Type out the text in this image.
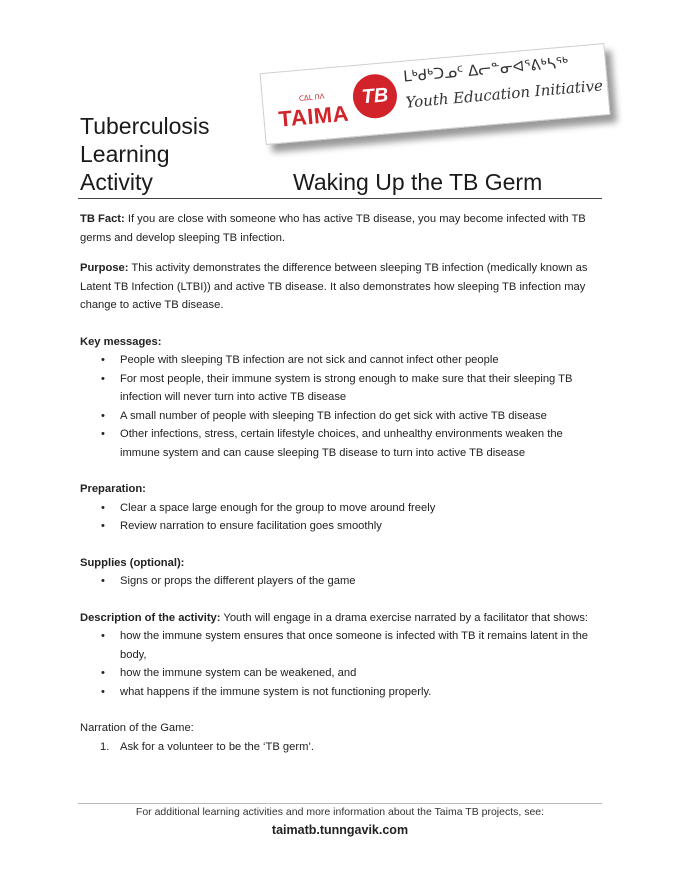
Tuberculosis
Learning
Activity	Waking Up the TB Germ
ᑕᐃᒪ ᑎᐱ
TAIMA
TB
ᒪᒃᑯᒃᑐᓄᑦ ᐃᓕᓐᓂᐊᕐᕕᒃᓴᖅ
Youth Education Initiative

TB Fact: If you are close with someone who has active TB disease, you may become infected with TB germs and develop sleeping TB infection.

Purpose: This activity demonstrates the difference between sleeping TB infection (medically known as Latent TB Infection (LTBI)) and active TB disease. It also demonstrates how sleeping TB infection may change to active TB disease.

Key messages:

• People with sleeping TB infection are not sick and cannot infect other people
• For most people, their immune system is strong enough to make sure that their sleeping TB infection will never turn into active TB disease
• A small number of people with sleeping TB infection do get sick with active TB disease
• Other infections, stress, certain lifestyle choices, and unhealthy environments weaken the immune system and can cause sleeping TB disease to turn into active TB disease

Preparation:

• Clear a space large enough for the group to move around freely
• Review narration to ensure facilitation goes smoothly

Supplies (optional):

• Signs or props the different players of the game

Description of the activity: Youth will engage in a drama exercise narrated by a facilitator that shows:

• how the immune system ensures that once someone is infected with TB it remains latent in the body,
• how the immune system can be weakened, and
• what happens if the immune system is not functioning properly.

Narration of the Game:

1. Ask for a volunteer to be the ‘TB germ’.
For additional learning activities and more information about the Taima TB projects, see:
taimatb.tunngavik.com
